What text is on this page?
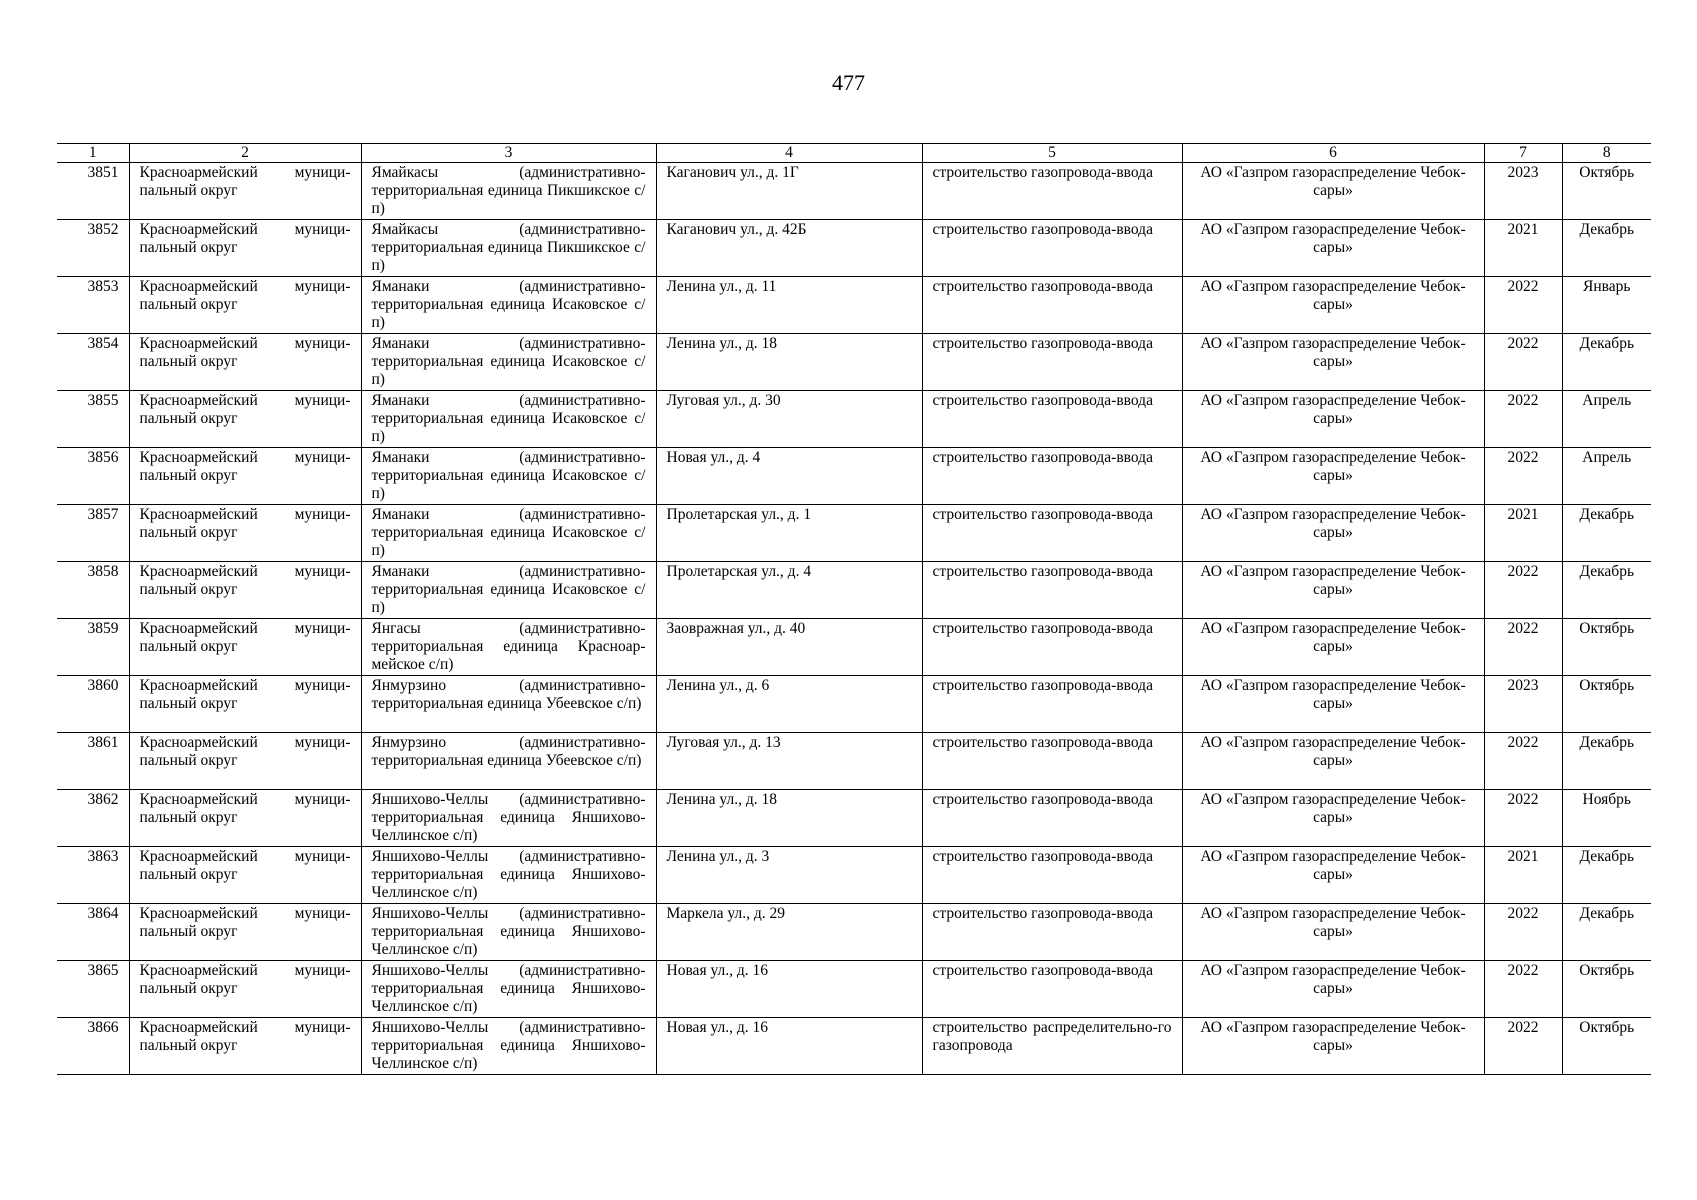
477
1	2	3	4	5	6	7	8
3851	Красноармейский муници-пальный округ	Ямайкасы (административно-территориальная единица Пикшикское с/п)	Каганович ул., д. 1Г	строительство газопровода-ввода	АО «Газпром газораспределение Чебок-сары»	2023	Октябрь
3852	Красноармейский муници-пальный округ	Ямайкасы (административно-территориальная единица Пикшикское с/п)	Каганович ул., д. 42Б	строительство газопровода-ввода	АО «Газпром газораспределение Чебок-сары»	2021	Декабрь
3853	Красноармейский муници-пальный округ	Яманаки (административно-территориальная единица Исаковское с/п)	Ленина ул., д. 11	строительство газопровода-ввода	АО «Газпром газораспределение Чебок-сары»	2022	Январь
3854	Красноармейский муници-пальный округ	Яманаки (административно-территориальная единица Исаковское с/п)	Ленина ул., д. 18	строительство газопровода-ввода	АО «Газпром газораспределение Чебок-сары»	2022	Декабрь
3855	Красноармейский муници-пальный округ	Яманаки (административно-территориальная единица Исаковское с/п)	Луговая ул., д. 30	строительство газопровода-ввода	АО «Газпром газораспределение Чебок-сары»	2022	Апрель
3856	Красноармейский муници-пальный округ	Яманаки (административно-территориальная единица Исаковское с/п)	Новая ул., д. 4	строительство газопровода-ввода	АО «Газпром газораспределение Чебок-сары»	2022	Апрель
3857	Красноармейский муници-пальный округ	Яманаки (административно-территориальная единица Исаковское с/п)	Пролетарская ул., д. 1	строительство газопровода-ввода	АО «Газпром газораспределение Чебок-сары»	2021	Декабрь
3858	Красноармейский муници-пальный округ	Яманаки (административно-территориальная единица Исаковское с/п)	Пролетарская ул., д. 4	строительство газопровода-ввода	АО «Газпром газораспределение Чебок-сары»	2022	Декабрь
3859	Красноармейский муници-пальный округ	Янгасы (административно-территориальная единица Красноар-мейское с/п)	Заовражная ул., д. 40	строительство газопровода-ввода	АО «Газпром газораспределение Чебок-сары»	2022	Октябрь
3860	Красноармейский муници-пальный округ	Янмурзино (административно-территориальная единица Убеевское с/п)	Ленина ул., д. 6	строительство газопровода-ввода	АО «Газпром газораспределение Чебок-сары»	2023	Октябрь
3861	Красноармейский муници-пальный округ	Янмурзино (административно-территориальная единица Убеевское с/п)	Луговая ул., д. 13	строительство газопровода-ввода	АО «Газпром газораспределение Чебок-сары»	2022	Декабрь
3862	Красноармейский муници-пальный округ	Яншихово-Челлы (административно-территориальная единица Яншихово-Челлинское с/п)	Ленина ул., д. 18	строительство газопровода-ввода	АО «Газпром газораспределение Чебок-сары»	2022	Ноябрь
3863	Красноармейский муници-пальный округ	Яншихово-Челлы (административно-территориальная единица Яншихово-Челлинское с/п)	Ленина ул., д. 3	строительство газопровода-ввода	АО «Газпром газораспределение Чебок-сары»	2021	Декабрь
3864	Красноармейский муници-пальный округ	Яншихово-Челлы (административно-территориальная единица Яншихово-Челлинское с/п)	Маркела ул., д. 29	строительство газопровода-ввода	АО «Газпром газораспределение Чебок-сары»	2022	Декабрь
3865	Красноармейский муници-пальный округ	Яншихово-Челлы (административно-территориальная единица Яншихово-Челлинское с/п)	Новая ул., д. 16	строительство газопровода-ввода	АО «Газпром газораспределение Чебок-сары»	2022	Октябрь
3866	Красноармейский муници-пальный округ	Яншихово-Челлы (административно-территориальная единица Яншихово-Челлинское с/п)	Новая ул., д. 16	строительство распределительно-го газопровода	АО «Газпром газораспределение Чебок-сары»	2022	Октябрь
